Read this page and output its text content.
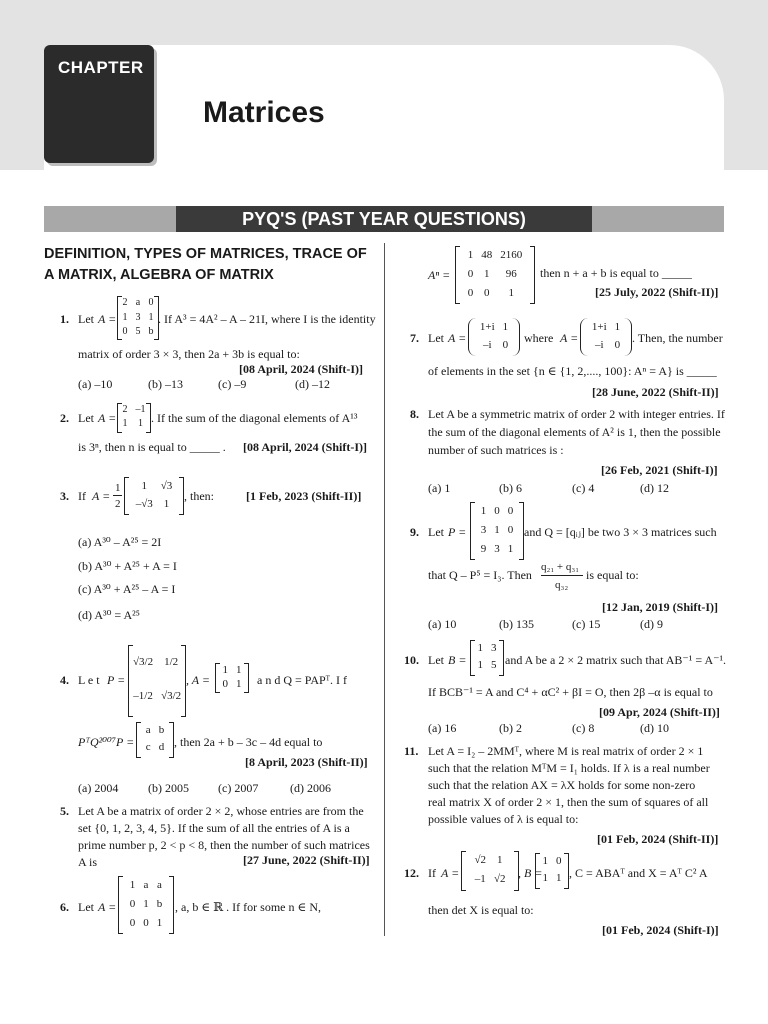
CHAPTER
Matrices
PYQ'S (PAST YEAR QUESTIONS)
DEFINITION, TYPES OF MATRICES, TRACE OF A MATRIX, ALGEBRA OF MATRIX
1. Let A =
2	a	0
1	3	1
0	5	b
. If A³ = 4A² – A – 21I, where I is the identity
matrix of order 3 × 3, then 2a + 3b is equal to:
[08 April, 2024 (Shift-I)]
(a) –10	(b) –13	(c) –9	(d) –12
2. Let A =
2	–1
1	1 . If the sum of the diagonal elements of A¹³
is 3ⁿ, then n is equal to _____ . [08 April, 2024 (Shift-I)]
3. If A =
1
2
1	√3
–√3	1
, then:	[1 Feb, 2023 (Shift-II)]
(a) A³⁰ – A²⁵ = 2I
(b) A³⁰ + A²⁵ + A = I
(c) A³⁰ + A²⁵ – A = I
(d) A³⁰ = A²⁵
4. L e t P =
√3/2	1/2
–1/2	√3/2
, A =
1	1
0	1 a n d Q = PAPᵀ. I f
PᵀQ²⁰⁰⁷P =
a	b
c	d , then 2a + b – 3c – 4d equal to
[8 April, 2023 (Shift-II)]
(a) 2004 (b) 2005 (c) 2007	(d) 2006
5. Let A be a matrix of order 2 × 2, whose entries are from the
set {0, 1, 2, 3, 4, 5}. If the sum of all the entries of A is a
prime number p, 2 < p < 8, then the number of such matrices
A is	[27 June, 2022 (Shift-II)]
6. Let A =
1	a	a
0	1	b
0	0	1
, a, b ∈ ℝ . If for some n ∈ N,
Aⁿ =
1	48	2160
0	1	96
0	0	1
then n + a + b is equal to _____
[25 July, 2022 (Shift-II)]
7. Let A =
1+i	1
–i	0 where A =
1+i	1
–i	0 . Then, the number
of elements in the set {n ∈ {1, 2,...., 100}: Aⁿ = A} is _____
[28 June, 2022 (Shift-II)]
8. Let A be a symmetric matrix of order 2 with integer entries. If
the sum of the diagonal elements of A² is 1, then the possible
number of such matrices is :
[26 Feb, 2021 (Shift-I)]
(a) 1	(b) 6	(c) 4	(d) 12
9. Let P =
1	0	0
3	1	0
9	3	1
and Q = [qᵢⱼ] be two 3 × 3 matrices such
that Q – P⁵ = I₃. Then
q₂₁ + q₃₁
q₃₂
is equal to:
[12 Jan, 2019 (Shift-I)]
(a) 10	(b) 135	(c) 15	(d) 9
10. Let B =
1	3
1	5 and A be a 2 × 2 matrix such that AB⁻¹ = A⁻¹.
If BCB⁻¹ = A and C⁴ + αC² + βI = O, then 2β –α is equal to
[09 Apr, 2024 (Shift-II)]
(a) 16	(b) 2	(c) 8	(d) 10
11. Let A = I₂ – 2MMᵀ, where M is real matrix of order 2 × 1
such that the relation MᵀM = I₁ holds. If λ is a real number
such that the relation AX = λX holds for some non-zero
real matrix X of order 2 × 1, then the sum of squares of all
possible values of λ is equal to:
[01 Feb, 2024 (Shift-II)]
12. If A =
√2	1
–1	√2 , B =
1	0
1	1 , C = ABAᵀ and X = Aᵀ C² A
then det X is equal to:
[01 Feb, 2024 (Shift-I)]
